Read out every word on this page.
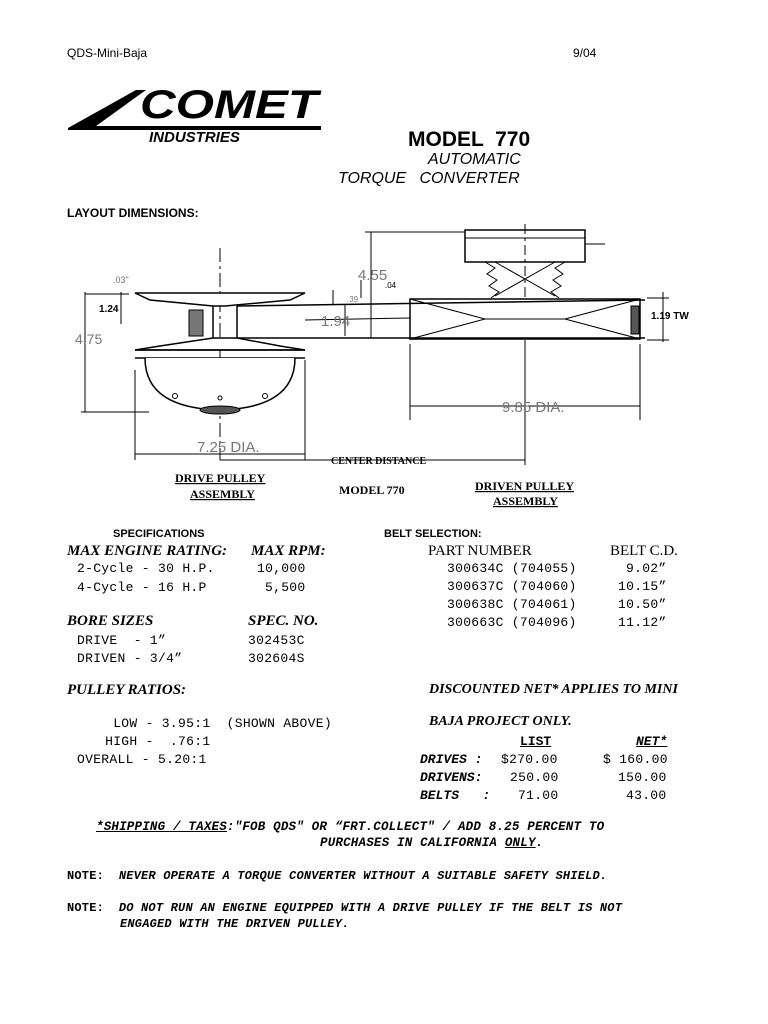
QDS-Mini-Baja	9/04
COMET
INDUSTRIES	MODEL  770
AUTOMATIC
TORQUE   CONVERTER
LAYOUT DIMENSIONS:
.03"
1.24
4.75
4.55
.04
.39
1.94	1.19 TW
9.85 DIA.
7.25 DIA.
CENTER DISTANCE
DRIVE PULLEY
ASSEMBLY	MODEL 770	DRIVEN PULLEY
ASSEMBLY
SPECIFICATIONS
MAX ENGINE RATING: MAX RPM:
2-Cycle - 30 H.P.	10,000
4-Cycle - 16 H.P	5,500
BORE SIZES	SPEC. NO.
DRIVE  - 1”	302453C
DRIVEN - 3/4”	302604S
PULLEY RATIOS:
LOW - 3.95:1  (SHOWN ABOVE)
HIGH -  .76:1
OVERALL - 5.20:1
BELT SELECTION:
PART NUMBER	BELT C.D.
300634C (704055)	9.02”
300637C (704060)	10.15”
300638C (704061)	10.50”
300663C (704096)	11.12”
DISCOUNTED NET* APPLIES TO MINI
BAJA PROJECT ONLY.
LIST	NET*
DRIVES : $270.00	$ 160.00
DRIVENS: 250.00	150.00
BELTS   : 71.00	43.00
*SHIPPING / TAXES:"FOB QDS" OR “FRT.COLLECT" / ADD 8.25 PERCENT TO
PURCHASES IN CALIFORNIA ONLY.
NOTE: NEVER OPERATE A TORQUE CONVERTER WITHOUT A SUITABLE SAFETY SHIELD.
NOTE: DO NOT RUN AN ENGINE EQUIPPED WITH A DRIVE PULLEY IF THE BELT IS NOT
ENGAGED WITH THE DRIVEN PULLEY.
